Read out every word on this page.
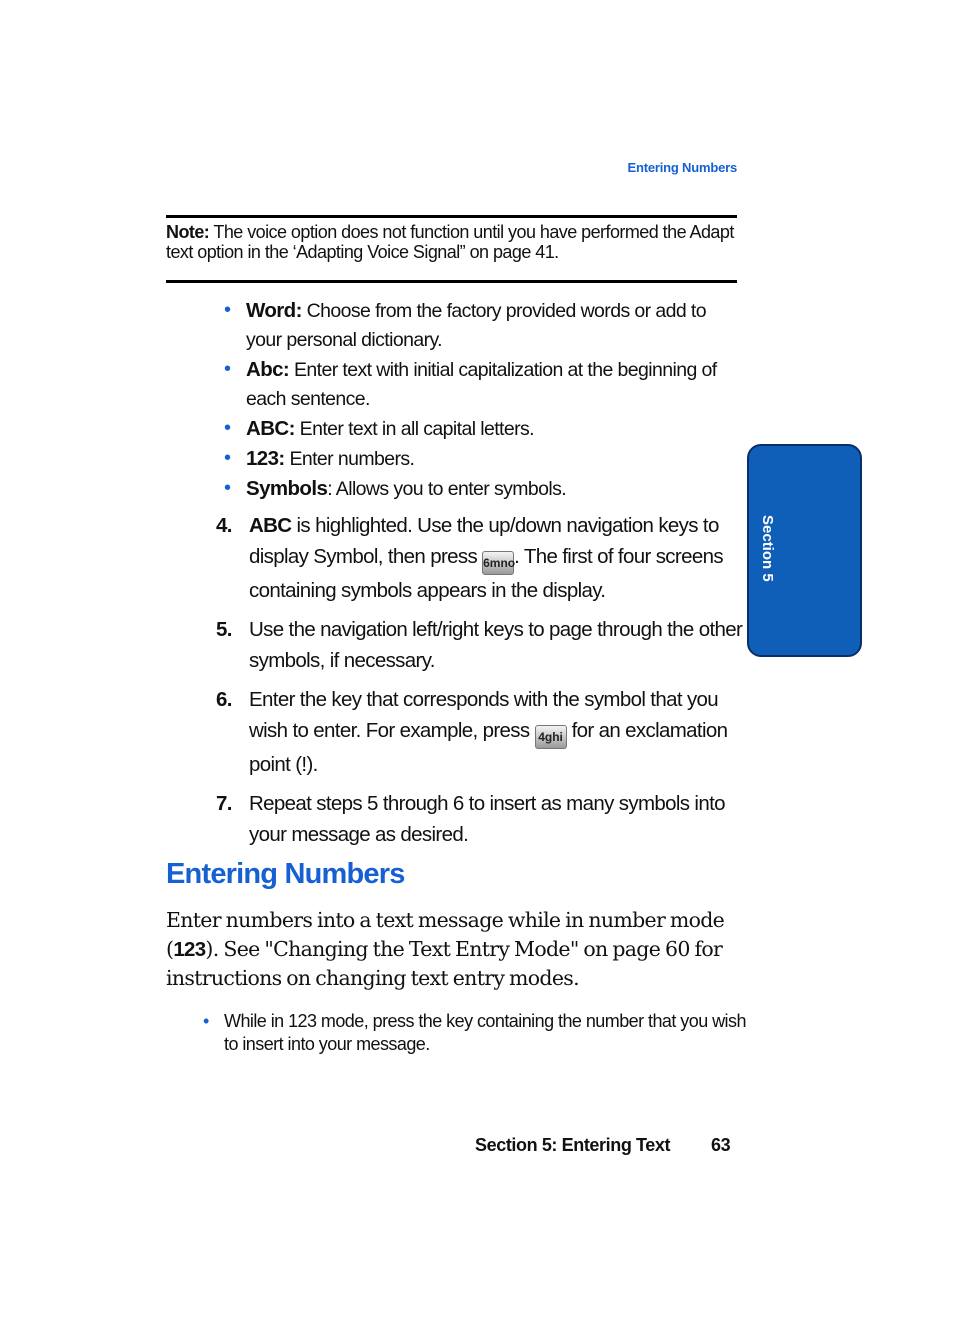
Entering Numbers
Note: The voice option does not function until you have performed the Adapt text option in the ‘Adapting Voice Signal” on page 41.
• Word: Choose from the factory provided words or add to your personal dictionary.
• Abc: Enter text with initial capitalization at the beginning of each sentence.
• ABC: Enter text in all capital letters.
• 123: Enter numbers.
• Symbols: Allows you to enter symbols.
4. ABC is highlighted. Use the up/down navigation keys to display Symbol, then press 6mno. The first of four screens containing symbols appears in the display.
5. Use the navigation left/right keys to page through the other symbols, if necessary.
6. Enter the key that corresponds with the symbol that you wish to enter. For example, press 4ghi for an exclamation point (!).
7. Repeat steps 5 through 6 to insert as many symbols into your message as desired.
Entering Numbers
Enter numbers into a text message while in number mode (123). See "Changing the Text Entry Mode" on page 60 for instructions on changing text entry modes.
• While in 123 mode, press the key containing the number that you wish to insert into your message.
Section 5
Section 5: Entering Text 63
